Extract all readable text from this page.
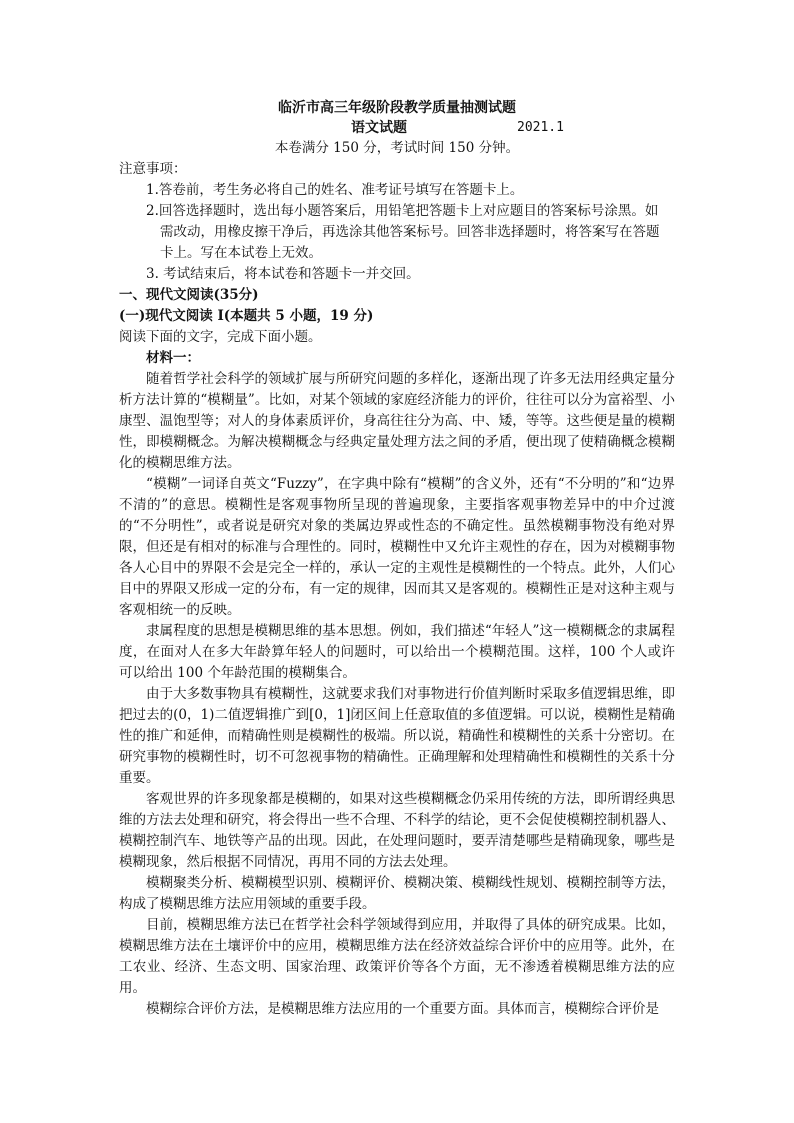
临沂市高三年级阶段教学质量抽测试题
语文试题	2021.1
本卷满分 150 分，考试时间 150 分钟。
注意事项：
1.答卷前，考生务必将自己的姓名、准考证号填写在答题卡上。
2.回答选择题时，选出每小题答案后，用铅笔把答题卡上对应题目的答案标号涂黑。如
需改动，用橡皮擦干净后，再选涂其他答案标号。回答非选择题时，将答案写在答题
卡上。写在本试卷上无效。
3. 考试结束后，将本试卷和答题卡一并交回。
一、现代文阅读(35分)
(一)现代文阅读 I(本题共 5 小题，19 分)
阅读下面的文字，完成下面小题。
材料一：
随着哲学社会科学的领域扩展与所研究问题的多样化，逐渐出现了许多无法用经典定量分析方法计算的“模糊量”。比如，对某个领域的家庭经济能力的评价，往往可以分为富裕型、小康型、温饱型等；对人的身体素质评价，身高往往分为高、中、矮，等等。这些便是量的模糊性，即模糊概念。为解决模糊概念与经典定量处理方法之间的矛盾，便出现了使精确概念模糊化的模糊思维方法。
“模糊”一词译自英文“Fuzzy”，在字典中除有“模糊”的含义外，还有“不分明的”和“边界不清的”的意思。模糊性是客观事物所呈现的普遍现象，主要指客观事物差异中的中介过渡的“不分明性”，或者说是研究对象的类属边界或性态的不确定性。虽然模糊事物没有绝对界限，但还是有相对的标准与合理性的。同时，模糊性中又允许主观性的存在，因为对模糊事物各人心目中的界限不会是完全一样的，承认一定的主观性是模糊性的一个特点。此外，人们心目中的界限又形成一定的分布，有一定的规律，因而其又是客观的。模糊性正是对这种主观与客观相统一的反映。
隶属程度的思想是模糊思维的基本思想。例如，我们描述“年轻人”这一模糊概念的隶属程度，在面对人在多大年龄算年轻人的问题时，可以给出一个模糊范围。这样，100 个人或许可以给出 100 个年龄范围的模糊集合。
由于大多数事物具有模糊性，这就要求我们对事物进行价值判断时采取多值逻辑思维，即把过去的(0，1)二值逻辑推广到[0，1]闭区间上任意取值的多值逻辑。可以说，模糊性是精确性的推广和延伸，而精确性则是模糊性的极端。所以说，精确性和模糊性的关系十分密切。在研究事物的模糊性时，切不可忽视事物的精确性。正确理解和处理精确性和模糊性的关系十分重要。
客观世界的许多现象都是模糊的，如果对这些模糊概念仍采用传统的方法，即所谓经典思维的方法去处理和研究，将会得出一些不合理、不科学的结论，更不会促使模糊控制机器人、模糊控制汽车、地铁等产品的出现。因此，在处理问题时，要弄清楚哪些是精确现象，哪些是模糊现象，然后根据不同情况，再用不同的方法去处理。
模糊聚类分析、模糊模型识别、模糊评价、模糊决策、模糊线性规划、模糊控制等方法，构成了模糊思维方法应用领域的重要手段。
目前，模糊思维方法已在哲学社会科学领域得到应用，并取得了具体的研究成果。比如，模糊思维方法在土壤评价中的应用，模糊思维方法在经济效益综合评价中的应用等。此外，在工农业、经济、生态文明、国家治理、政策评价等各个方面，无不渗透着模糊思维方法的应用。
模糊综合评价方法，是模糊思维方法应用的一个重要方面。具体而言，模糊综合评价是
